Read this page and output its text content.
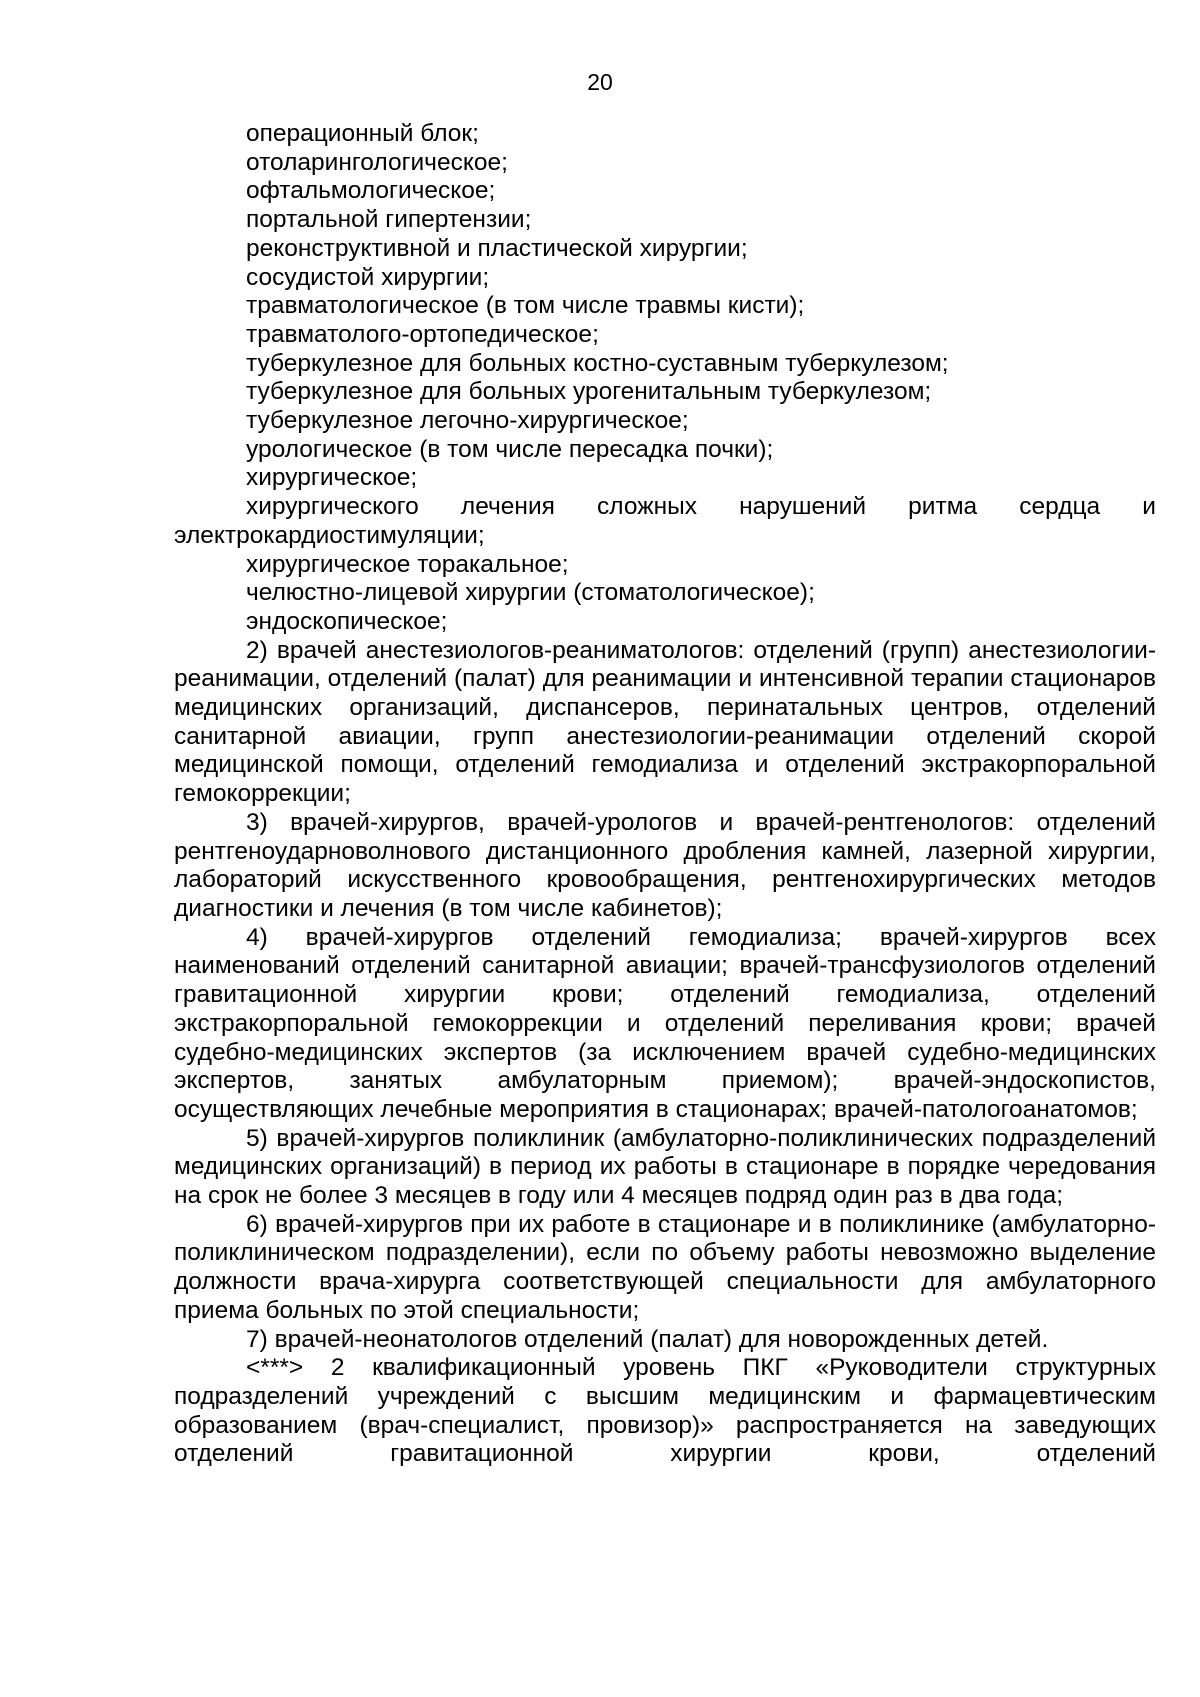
20
операционный блок;
отоларингологическое;
офтальмологическое;
портальной гипертензии;
реконструктивной и пластической хирургии;
сосудистой хирургии;
травматологическое (в том числе травмы кисти);
травматолого-ортопедическое;
туберкулезное для больных костно-суставным туберкулезом;
туберкулезное для больных урогенитальным туберкулезом;
туберкулезное легочно-хирургическое;
урологическое (в том числе пересадка почки);
хирургическое;
хирургического лечения сложных нарушений ритма сердца и электрокардиостимуляции;
хирургическое торакальное;
челюстно-лицевой хирургии (стоматологическое);
эндоскопическое;

2) врачей анестезиологов-реаниматологов: отделений (групп) анестезиологии-реанимации, отделений (палат) для реанимации и интенсивной терапии стационаров медицинских организаций, диспансеров, перинатальных центров, отделений санитарной авиации, групп анестезиологии-реанимации отделений скорой медицинской помощи, отделений гемодиализа и отделений экстракорпоральной гемокоррекции;

3) врачей-хирургов, врачей-урологов и врачей-рентгенологов: отделений рентгеноударноволнового дистанционного дробления камней, лазерной хирургии, лабораторий искусственного кровообращения, рентгенохирургических методов диагностики и лечения (в том числе кабинетов);

4) врачей-хирургов отделений гемодиализа; врачей-хирургов всех наименований отделений санитарной авиации; врачей-трансфузиологов отделений гравитационной хирургии крови; отделений гемодиализа, отделений экстракорпоральной гемокоррекции и отделений переливания крови; врачей судебно-медицинских экспертов (за исключением врачей судебно-медицинских экспертов, занятых амбулаторным приемом); врачей-эндоскопистов, осуществляющих лечебные мероприятия в стационарах; врачей-патологоанатомов;

5) врачей-хирургов поликлиник (амбулаторно-поликлинических подразделений медицинских организаций) в период их работы в стационаре в порядке чередования на срок не более 3 месяцев в году или 4 месяцев подряд один раз в два года;

6) врачей-хирургов при их работе в стационаре и в поликлинике (амбулаторно-поликлиническом подразделении), если по объему работы невозможно выделение должности врача-хирурга соответствующей специальности для амбулаторного приема больных по этой специальности;

7) врачей-неонатологов отделений (палат) для новорожденных детей.

<***> 2 квалификационный уровень ПКГ «Руководители структурных подразделений учреждений с высшим медицинским и фармацевтическим образованием (врач-специалист, провизор)» распространяется на заведующих отделений гравитационной хирургии крови, отделений
